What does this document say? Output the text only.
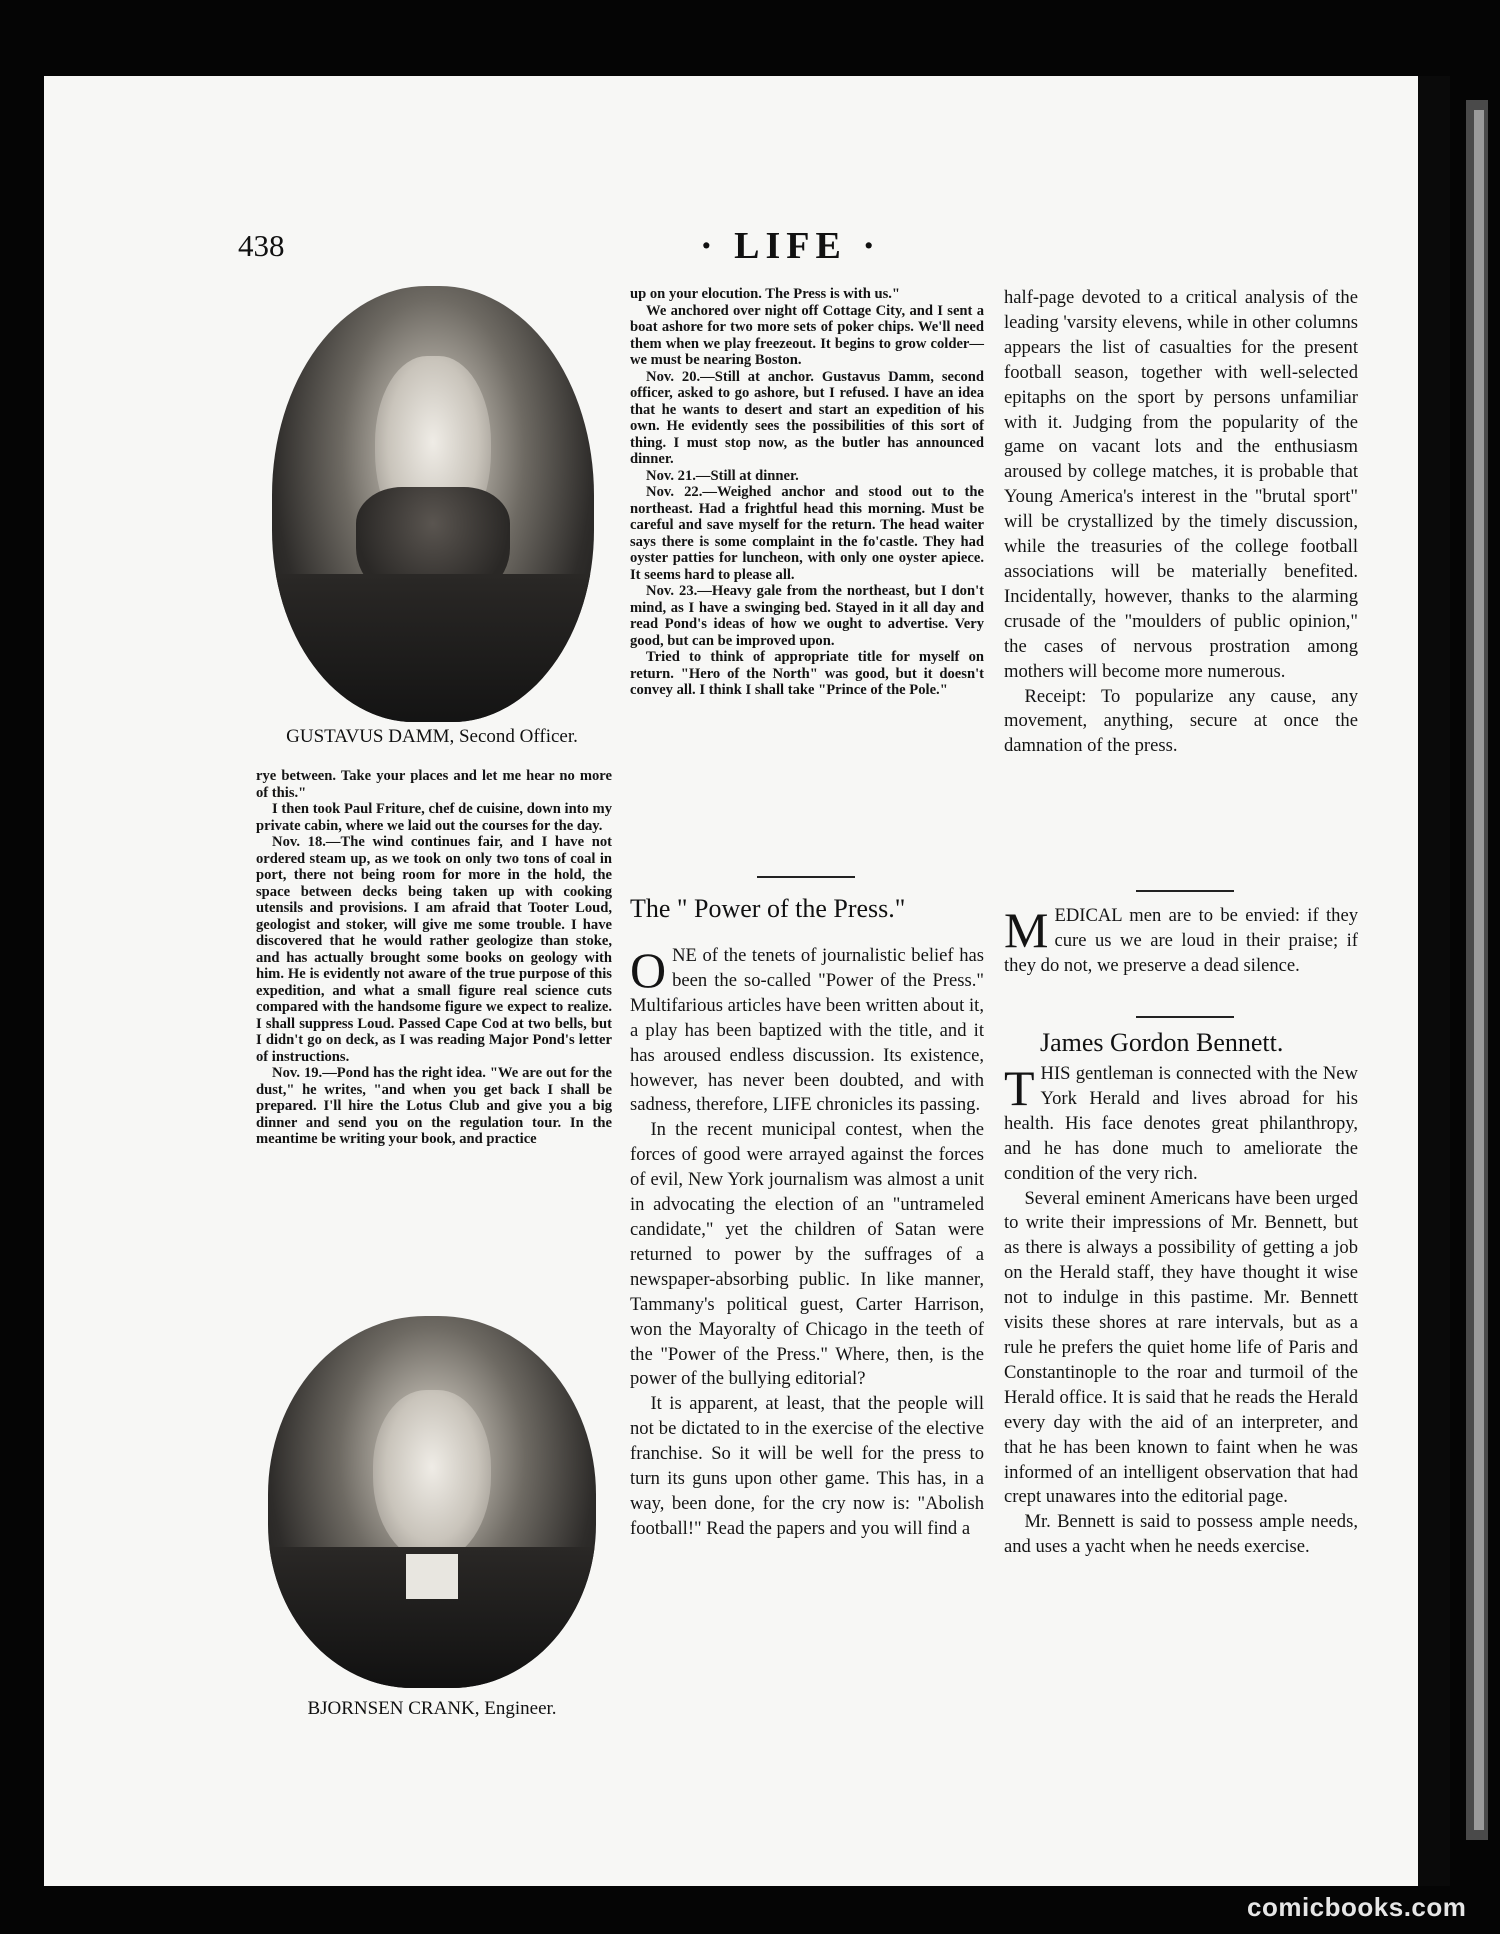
438	· LIFE ·
GUSTAVUS DAMM, Second Officer.
BJORNSEN CRANK, Engineer.

rye between. Take your places and let me hear no more of this."

I then took Paul Friture, chef de cuisine, down into my private cabin, where we laid out the courses for the day.

Nov. 18.—The wind continues fair, and I have not ordered steam up, as we took on only two tons of coal in port, there not being room for more in the hold, the space between decks being taken up with cooking utensils and provisions. I am afraid that Tooter Loud, geologist and stoker, will give me some trouble. I have discovered that he would rather geologize than stoke, and has actually brought some books on geology with him. He is evidently not aware of the true purpose of this expedition, and what a small figure real science cuts compared with the handsome figure we expect to realize. I shall suppress Loud. Passed Cape Cod at two bells, but I didn't go on deck, as I was reading Major Pond's letter of instructions.

Nov. 19.—Pond has the right idea. "We are out for the dust," he writes, "and when you get back I shall be prepared. I'll hire the Lotus Club and give you a big dinner and send you on the regulation tour. In the meantime be writing your book, and practice

up on your elocution. The Press is with us."

We anchored over night off Cottage City, and I sent a boat ashore for two more sets of poker chips. We'll need them when we play freezeout. It begins to grow colder—we must be nearing Boston.

Nov. 20.—Still at anchor. Gustavus Damm, second officer, asked to go ashore, but I refused. I have an idea that he wants to desert and start an expedition of his own. He evidently sees the possibilities of this sort of thing. I must stop now, as the butler has announced dinner.

Nov. 21.—Still at dinner.

Nov. 22.—Weighed anchor and stood out to the northeast. Had a frightful head this morning. Must be careful and save myself for the return. The head waiter says there is some complaint in the fo'castle. They had oyster patties for luncheon, with only one oyster apiece. It seems hard to please all.

Nov. 23.—Heavy gale from the northeast, but I don't mind, as I have a swinging bed. Stayed in it all day and read Pond's ideas of how we ought to advertise. Very good, but can be improved upon.

Tried to think of appropriate title for myself on return. "Hero of the North" was good, but it doesn't convey all. I think I shall take "Prince of the Pole."

The " Power of the Press."

ONE of the tenets of journalistic belief has been the so-called "Power of the Press." Multifarious articles have been written about it, a play has been baptized with the title, and it has aroused endless discussion. Its existence, however, has never been doubted, and with sadness, therefore, LIFE chronicles its passing.

In the recent municipal contest, when the forces of good were arrayed against the forces of evil, New York journalism was almost a unit in advocating the election of an "untrameled candidate," yet the children of Satan were returned to power by the suffrages of a newspaper-absorbing public. In like manner, Tammany's political guest, Carter Harrison, won the Mayoralty of Chicago in the teeth of the "Power of the Press." Where, then, is the power of the bullying editorial?

It is apparent, at least, that the people will not be dictated to in the exercise of the elective franchise. So it will be well for the press to turn its guns upon other game. This has, in a way, been done, for the cry now is: "Abolish football!" Read the papers and you will find a

half-page devoted to a critical analysis of the leading 'varsity elevens, while in other columns appears the list of casualties for the present football season, together with well-selected epitaphs on the sport by persons unfamiliar with it. Judging from the popularity of the game on vacant lots and the enthusiasm aroused by college matches, it is probable that Young America's interest in the "brutal sport" will be crystallized by the timely discussion, while the treasuries of the college football associations will be materially benefited. Incidentally, however, thanks to the alarming crusade of the "moulders of public opinion," the cases of nervous prostration among mothers will become more numerous.

Receipt: To popularize any cause, any movement, anything, secure at once the damnation of the press.

MEDICAL men are to be envied: if they cure us we are loud in their praise; if they do not, we preserve a dead silence.

James Gordon Bennett.

THIS gentleman is connected with the New York Herald and lives abroad for his health. His face denotes great philanthropy, and he has done much to ameliorate the condition of the very rich.

Several eminent Americans have been urged to write their impressions of Mr. Bennett, but as there is always a possibility of getting a job on the Herald staff, they have thought it wise not to indulge in this pastime. Mr. Bennett visits these shores at rare intervals, but as a rule he prefers the quiet home life of Paris and Constantinople to the roar and turmoil of the Herald office. It is said that he reads the Herald every day with the aid of an interpreter, and that he has been known to faint when he was informed of an intelligent observation that had crept unawares into the editorial page.

Mr. Bennett is said to possess ample needs, and uses a yacht when he needs exercise.

comicbooks.com
